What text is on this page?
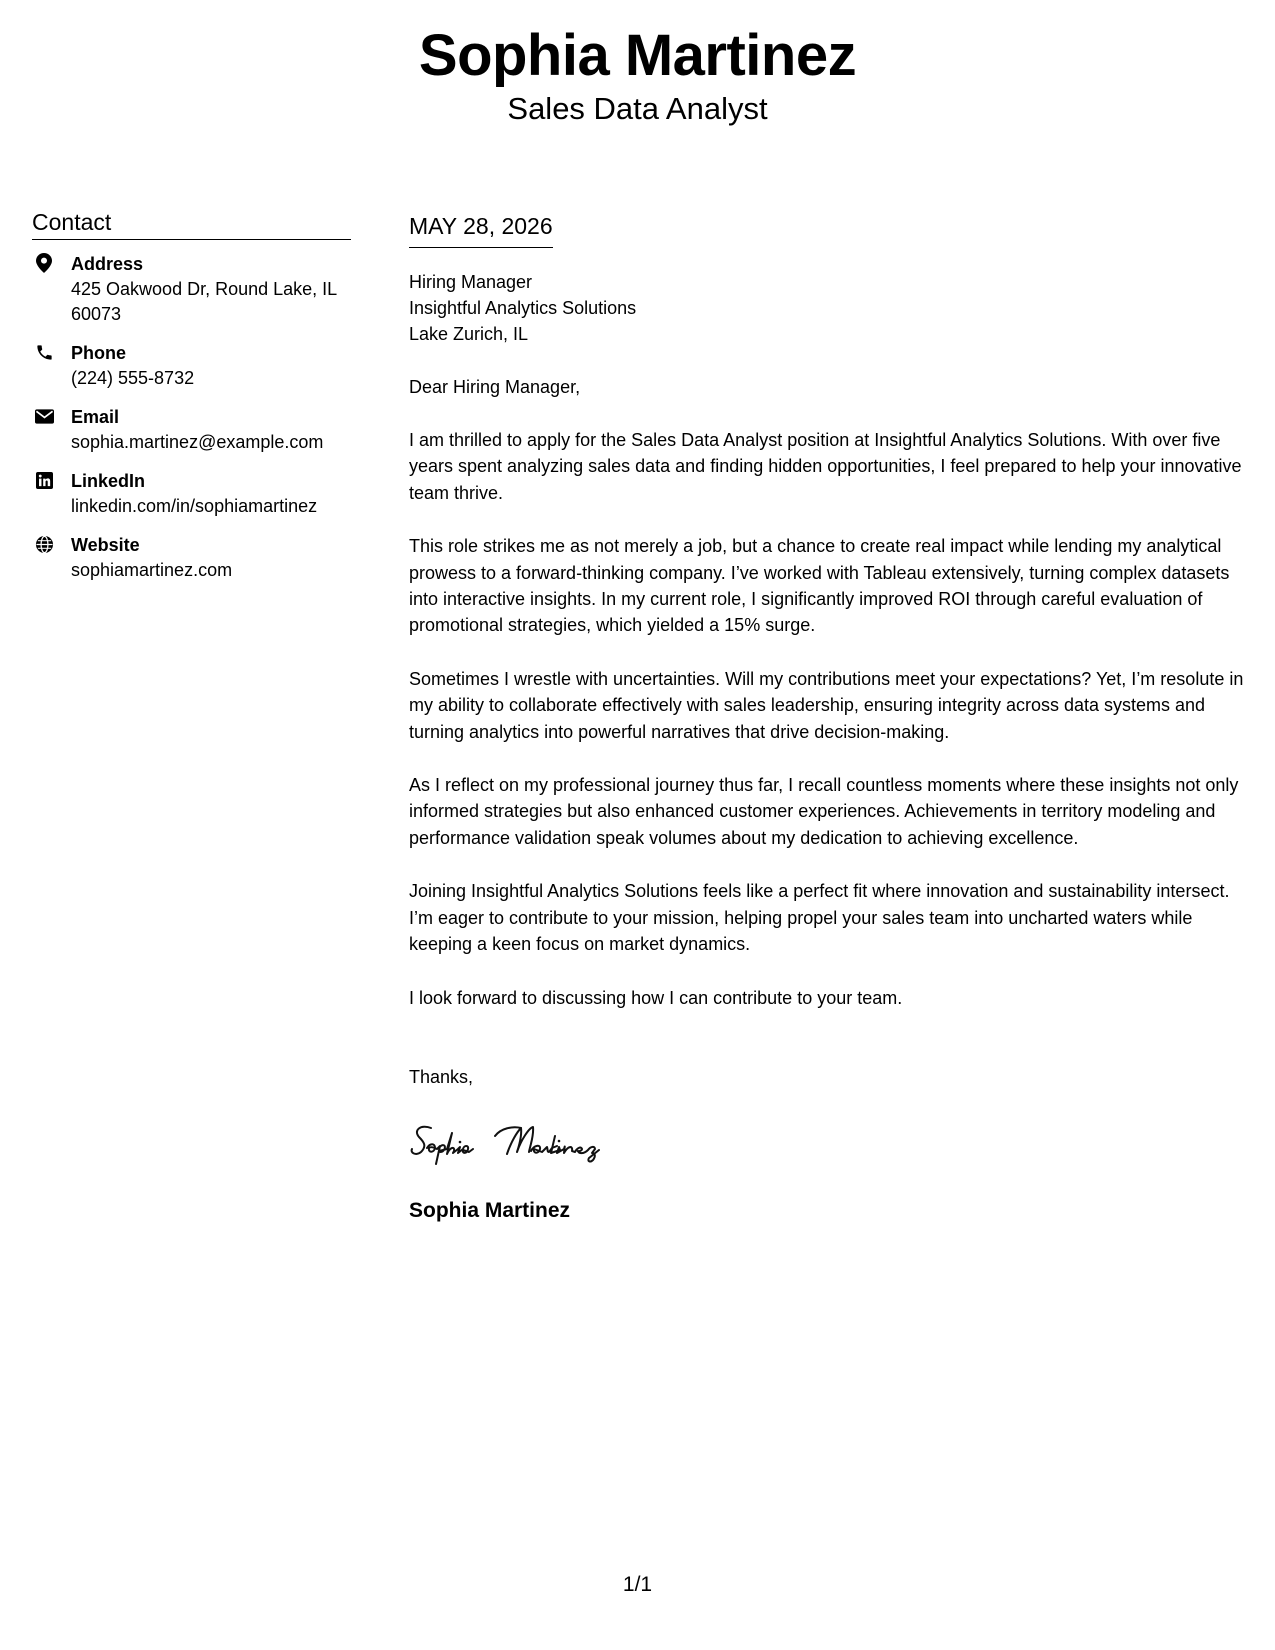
Sophia Martinez
Sales Data Analyst
Contact
Address
425 Oakwood Dr, Round Lake, IL 60073
Phone
(224) 555-8732
Email
sophia.martinez@example.com
LinkedIn
linkedin.com/in/sophiamartinez
Website
sophiamartinez.com
MAY 28, 2026
Hiring Manager
Insightful Analytics Solutions
Lake Zurich, IL
Dear Hiring Manager,
I am thrilled to apply for the Sales Data Analyst position at Insightful Analytics Solutions. With over five years spent analyzing sales data and finding hidden opportunities, I feel prepared to help your innovative team thrive.
This role strikes me as not merely a job, but a chance to create real impact while lending my analytical prowess to a forward-thinking company. I’ve worked with Tableau extensively, turning complex datasets into interactive insights. In my current role, I significantly improved ROI through careful evaluation of promotional strategies, which yielded a 15% surge.
Sometimes I wrestle with uncertainties. Will my contributions meet your expectations? Yet, I’m resolute in my ability to collaborate effectively with sales leadership, ensuring integrity across data systems and turning analytics into powerful narratives that drive decision-making.
As I reflect on my professional journey thus far, I recall countless moments where these insights not only informed strategies but also enhanced customer experiences. Achievements in territory modeling and performance validation speak volumes about my dedication to achieving excellence.
Joining Insightful Analytics Solutions feels like a perfect fit where innovation and sustainability intersect. I’m eager to contribute to your mission, helping propel your sales team into uncharted waters while keeping a keen focus on market dynamics.
I look forward to discussing how I can contribute to your team.
Thanks,
Sophia Martinez
1/1
